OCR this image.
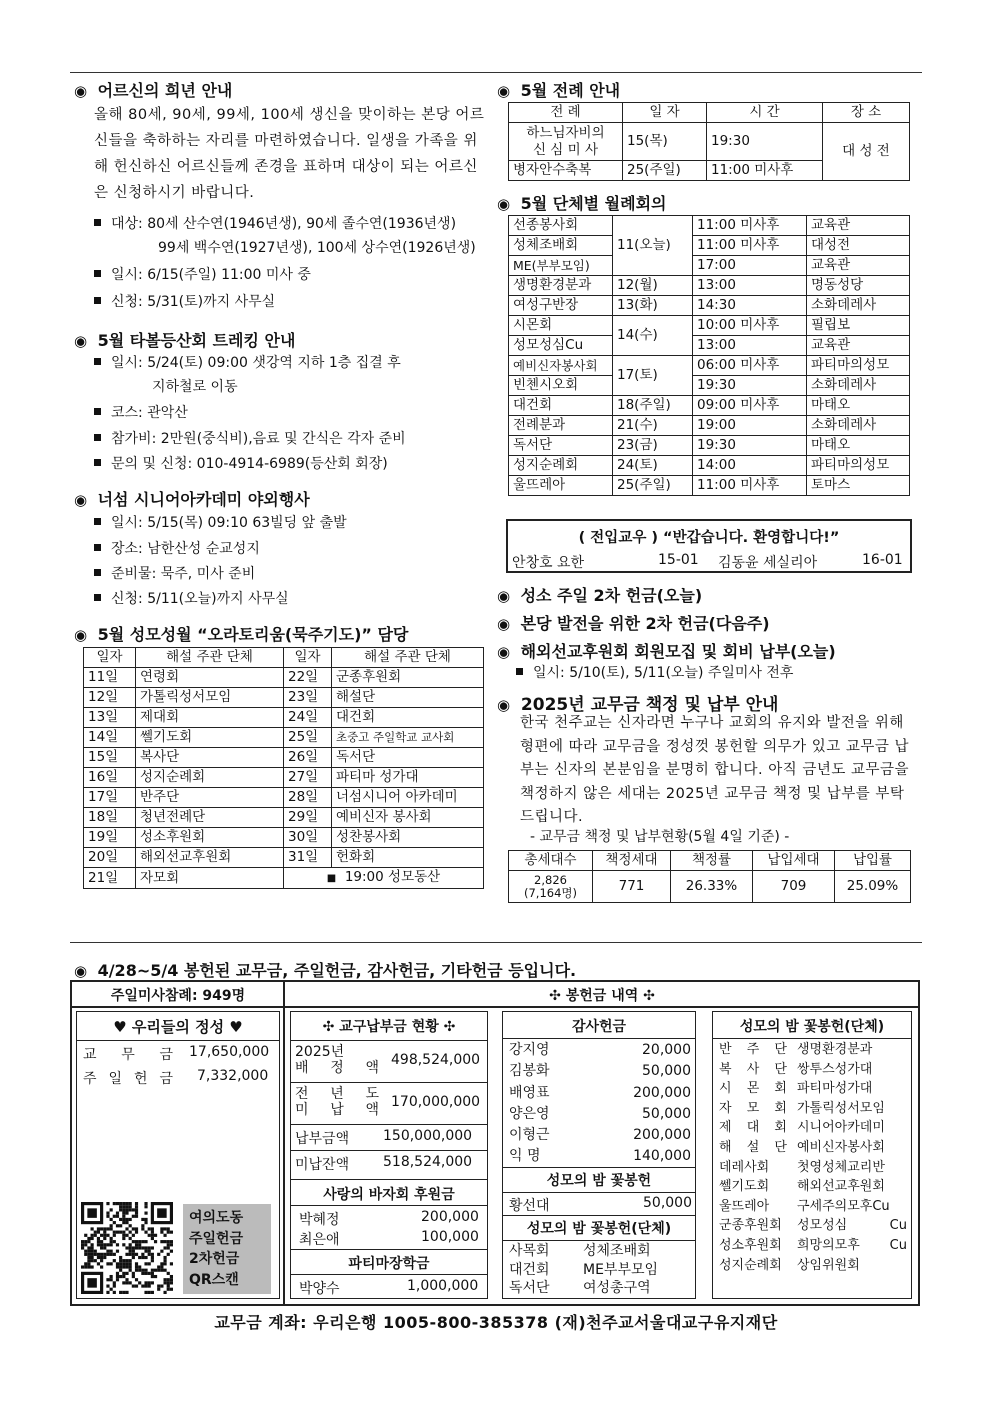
◉ 어르신의 희년 안내
올해 80세, 90세, 99세, 100세 생신을 맞이하는 본당 어르신들을 축하하는 자리를 마련하였습니다. 일생을 가족을 위해 헌신하신 어르신들께 존경을 표하며 대상이 되는 어르신은 신청하시기 바랍니다.
대상: 80세 산수연(1946년생), 90세 졸수연(1936년생)
99세 백수연(1927년생), 100세 상수연(1926년생)
일시: 6/15(주일) 11:00 미사 중
신청: 5/31(토)까지 사무실
◉ 5월 타볼등산회 트레킹 안내
일시: 5/24(토) 09:00 샛강역 지하 1층 집결 후
지하철로 이동
코스: 관악산
참가비: 2만원(중식비),음료 및 간식은 각자 준비
문의 및 신청: 010-4914-6989(등산회 회장)
◉ 너섬 시니어아카데미 야외행사
일시: 5/15(목) 09:10 63빌딩 앞 출발
장소: 남한산성 순교성지
준비물: 묵주, 미사 준비
신청: 5/11(오늘)까지 사무실
◉ 5월 성모성월 “오라토리움(묵주기도)” 담당
일자	해설 주관 단체	일자	해설 주관 단체
11일	연령회	22일	군종후원회
12일	가톨릭성서모임	23일	해설단
13일	제대회	24일	대건회
14일	쎌기도회	25일	초중고 주일학교 교사회
15일	복사단	26일	독서단
16일	성지순례회	27일	파티마 성가대
17일	반주단	28일	너섬시니어 아카데미
18일	청년전례단	29일	예비신자 봉사회
19일	성소후원회	30일	성찬봉사회
20일	해외선교후원회	31일	헌화회
21일	자모회	■ 19:00 성모동산	
◉ 5월 전례 안내
전 례	일 자	시 간	장 소
하느님자비의
신 심 미 사	15(목)	19:30	대 성 전
병자안수축복	25(주일)	11:00 미사후	
◉ 5월 단체별 월례회의
선종봉사회	11(오늘)	11:00 미사후	교육관
성체조배회		11:00 미사후	대성전
ME(부부모임)		17:00	교육관
생명환경분과	12(월)	13:00	명동성당
여성구반장	13(화)	14:30	소화데레사
시몬회	14(수)	10:00 미사후	필립보
성모성심Cu		13:00	교육관
예비신자봉사회	17(토)	06:00 미사후	파티마의성모
빈첸시오회		19:30	소화데레사
대건회	18(주일)	09:00 미사후	마태오
전례분과	21(수)	19:00	소화데레사
독서단	23(금)	19:30	마태오
성지순례회	24(토)	14:00	파티마의성모
울뜨레아	25(주일)	11:00 미사후	토마스
( 전입교우 ) “반갑습니다. 환영합니다!”
안창호 요한	15-01 김동윤 세실리아	16-01
◉ 성소 주일 2차 헌금(오늘)
◉ 본당 발전을 위한 2차 헌금(다음주)
◉ 해외선교후원회 회원모집 및 회비 납부(오늘)
일시: 5/10(토), 5/11(오늘) 주일미사 전후
◉ 2025년 교무금 책정 및 납부 안내
한국 천주교는 신자라면 누구나 교회의 유지와 발전을 위해 형편에 따라 교무금을 정성껏 봉헌할 의무가 있고 교무금 납부는 신자의 본분임을 분명히 합니다. 아직 금년도 교무금을 책정하지 않은 세대는 2025년 교무금 책정 및 납부를 부탁드립니다.
- 교무금 책정 및 납부현황(5월 4일 기준) -
총세대수	책정세대	책정률	납입세대	납입률
2,826
(7,164명)	771	26.33%	709	25.09%
◉ 4/28~5/4 봉헌된 교무금, 주일헌금, 감사헌금, 기타헌금 등입니다.
주일미사참례: 949명	✣ 봉헌금 내역 ✣
♥ 우리들의 정성 ♥
교 무 금 17,650,000
주 일 헌 금 7,332,000
여의도동
주일헌금
2차헌금
QR스캔
✣ 교구납부금 현황 ✣
2025년
배 정 액 498,524,000
전 년 도
미 납 액 170,000,000
납부금액	150,000,000
미납잔액	518,524,000
사랑의 바자회 후원금
박혜정	200,000
최은애	100,000
파티마장학금
박양수	1,000,000
감사헌금
강지영	20,000
김봉화	50,000
배영표	200,000
양은영	50,000
이형근	200,000
익 명	140,000
성모의 밤 꽃봉헌
황선대	50,000
성모의 밤 꽃봉헌(단체)
사목회	성체조배회
대건회	ME부부모임
독서단	여성총구역
성모의 밤 꽃봉헌(단체)
반 주 단 생명환경분과
복 사 단 쌍투스성가대
시 몬 회 파티마성가대
자 모 회 가톨릭성서모임
제 대 회 시니어아카데미
해 설 단 예비신자봉사회
데레사회	첫영성체교리반
쎌기도회	해외선교후원회
울뜨레아	구세주의모후Cu
군종후원회	성모성심 Cu
성소후원회	희망의모후 Cu
성지순례회	상임위원회
교무금 계좌: 우리은행 1005-800-385378 (재)천주교서울대교구유지재단
